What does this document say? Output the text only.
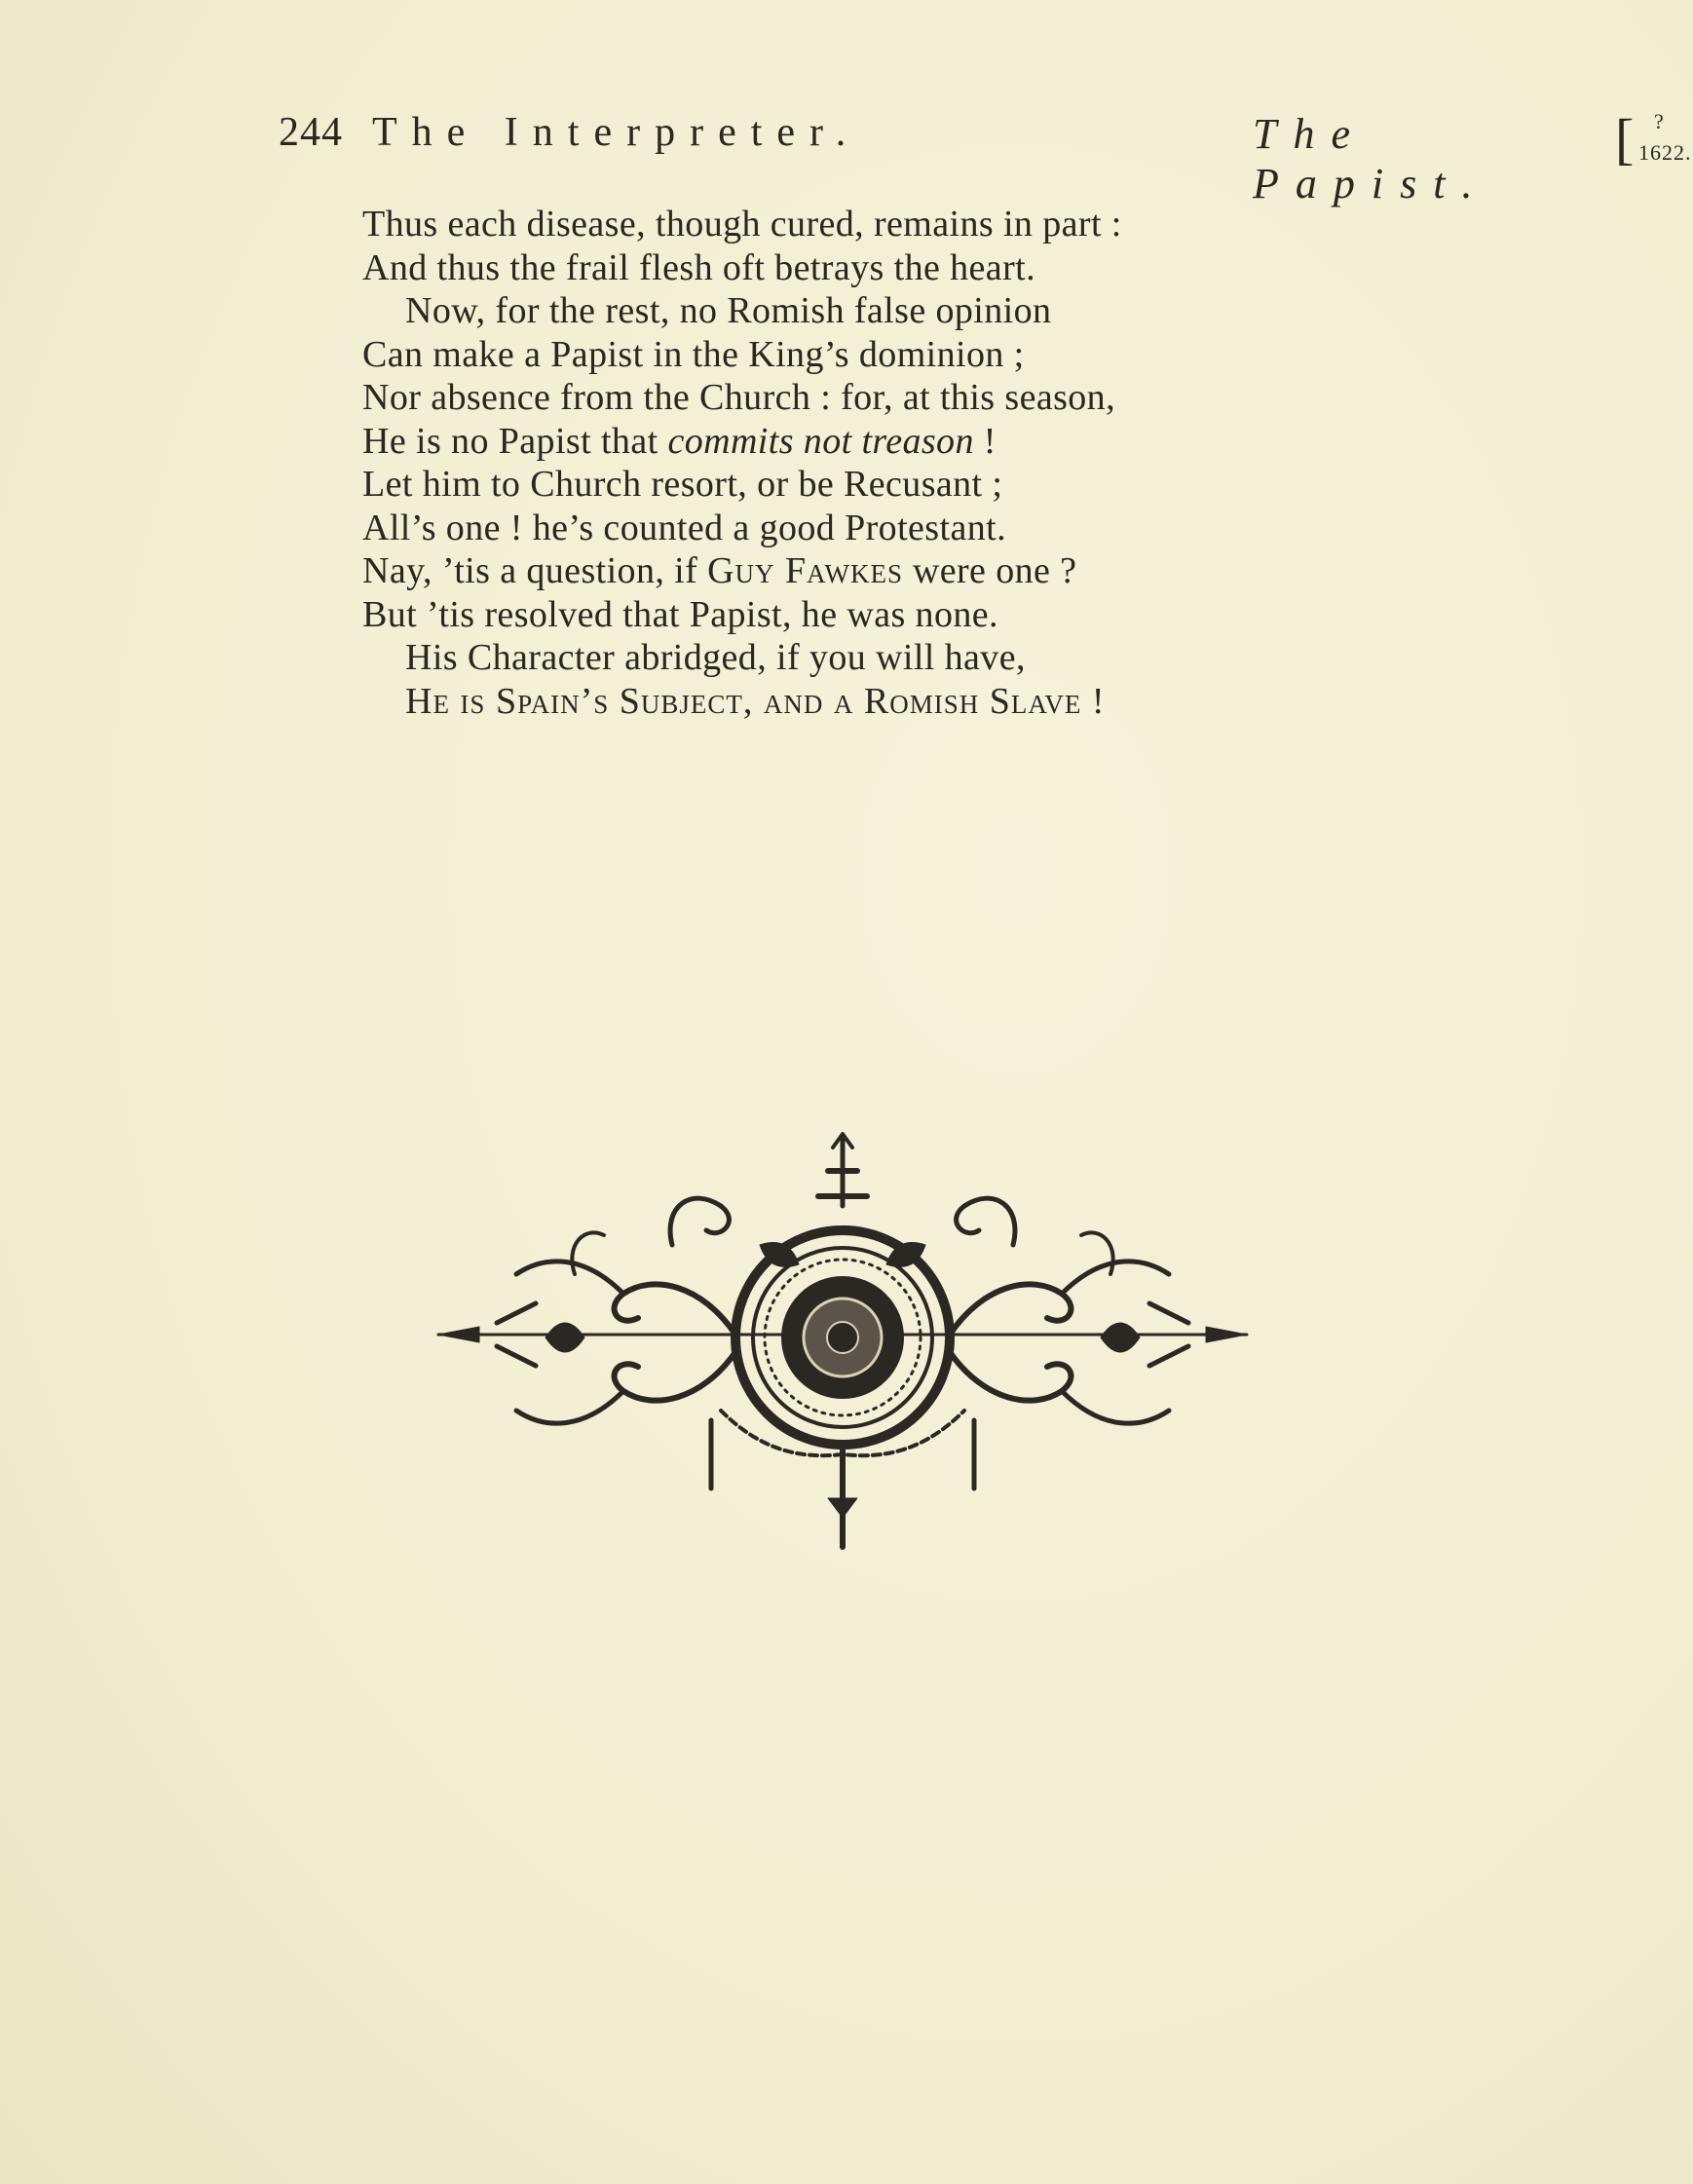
244 The Interpreter.	The Papist.
[ ?
1622.
Thus each disease, though cured, remains in part :
And thus the frail flesh oft betrays the heart.
Now, for the rest, no Romish false opinion
Can make a Papist in the King’s dominion ;
Nor absence from the Church : for, at this season,
He is no Papist that commits not treason !
Let him to Church resort, or be Recusant ;
All’s one ! he’s counted a good Protestant.
Nay, ’tis a question, if Guy Fawkes were one ?
But ’tis resolved that Papist, he was none.
His Character abridged, if you will have,
He is Spain’s Subject, and a Romish Slave !
